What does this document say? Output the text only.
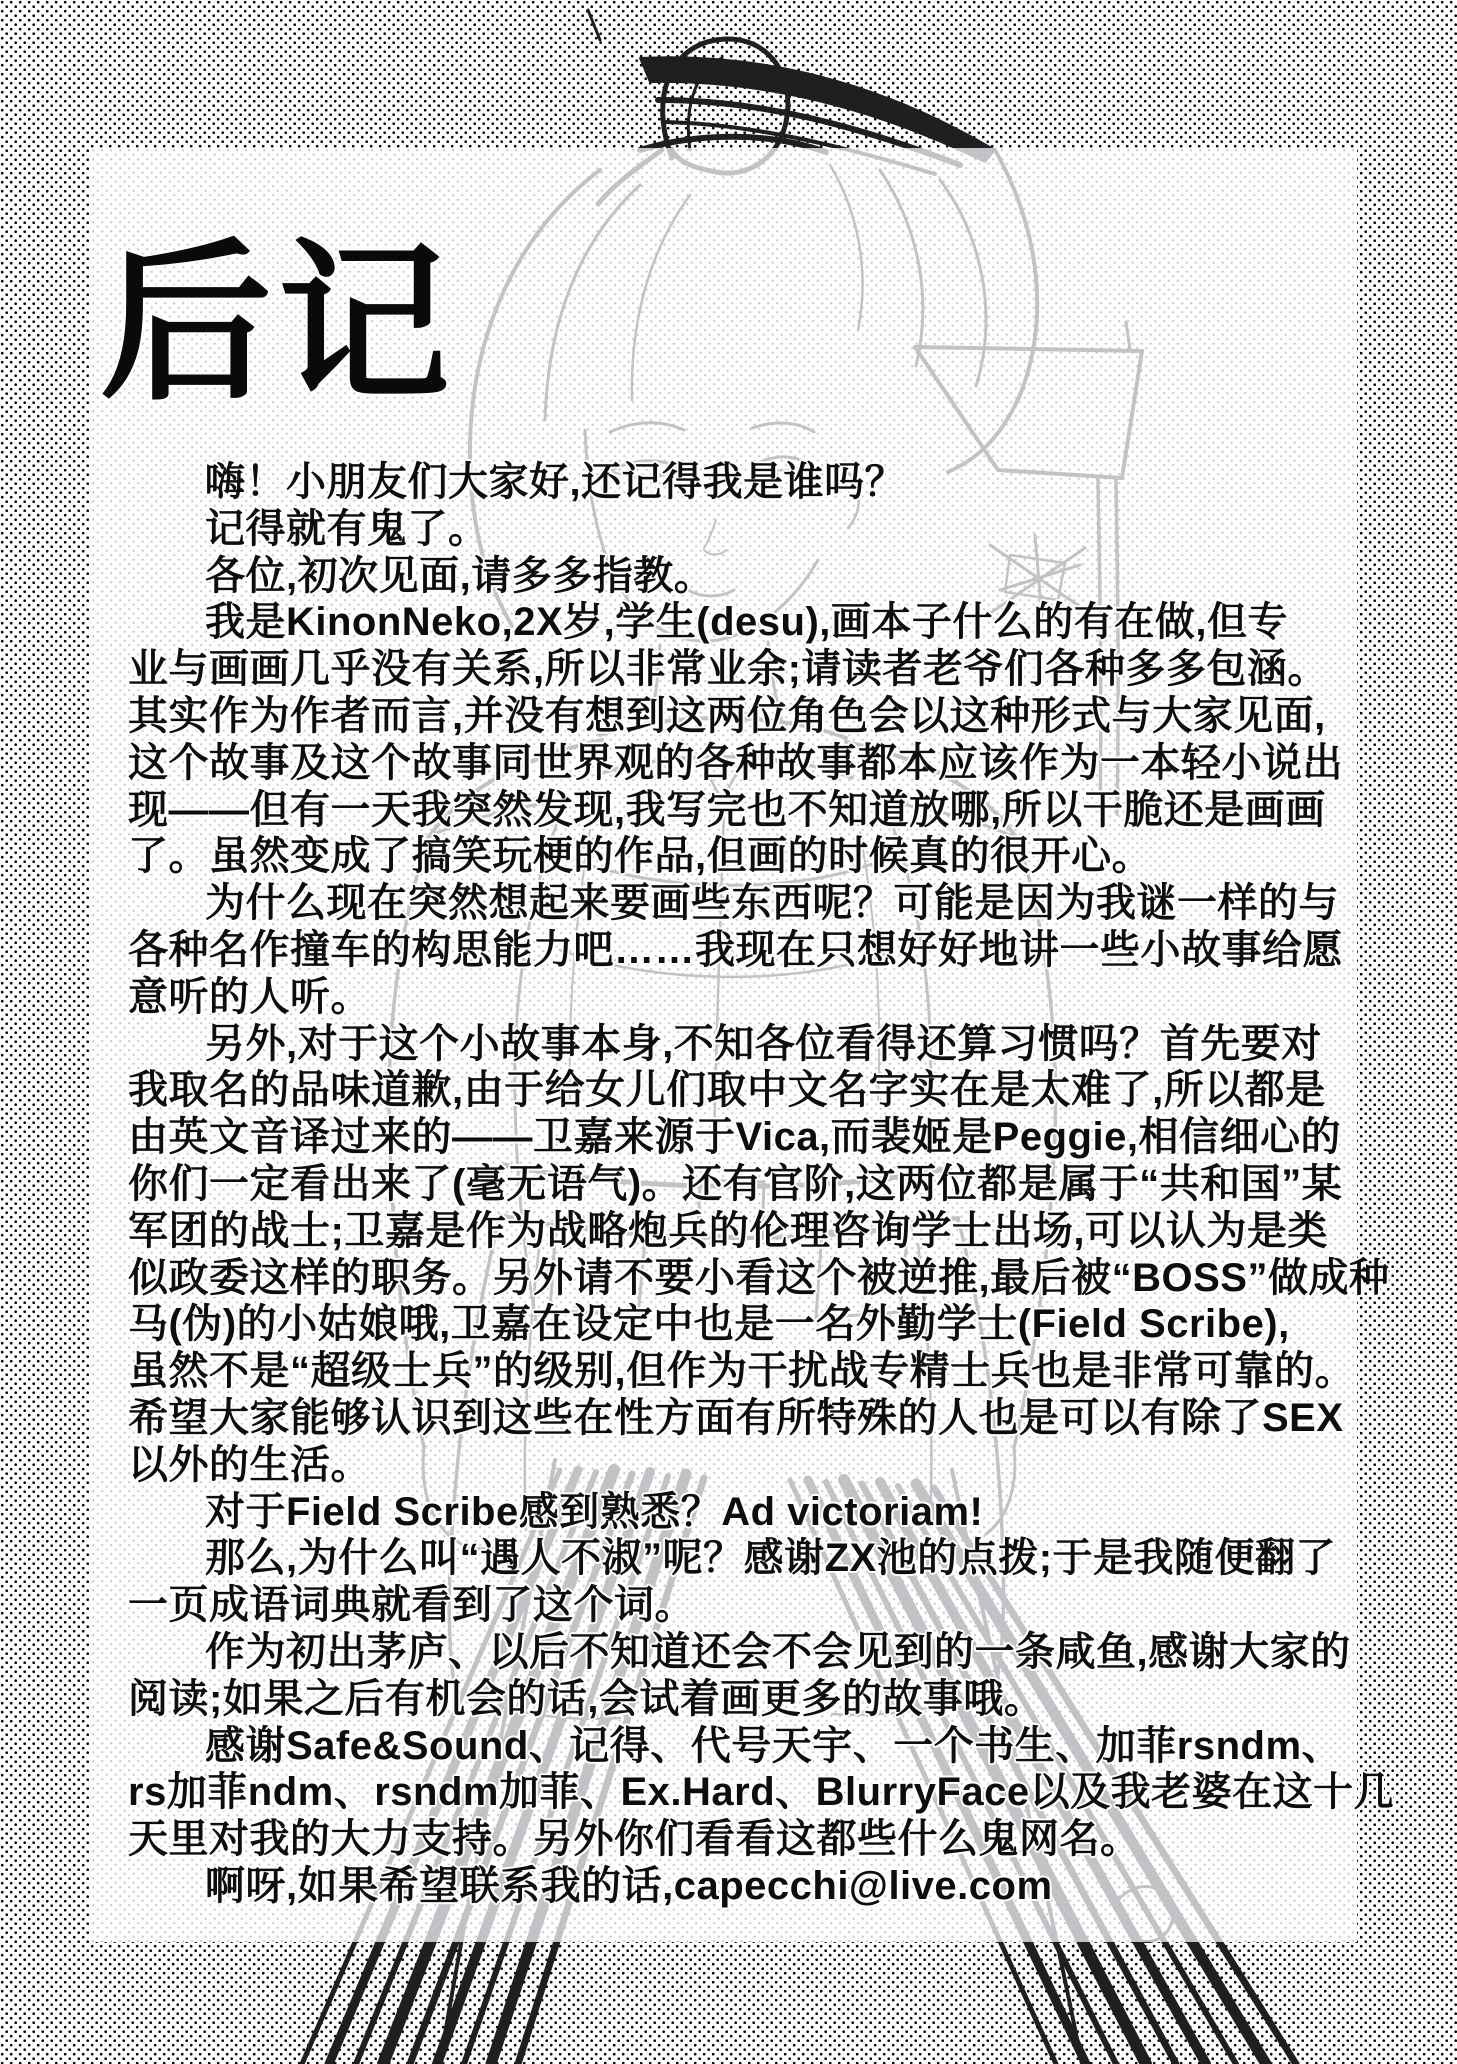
后记
嗨！小朋友们大家好,还记得我是谁吗？
记得就有鬼了。
各位,初次见面,请多多指教。
我是KinonNeko,2X岁,学生(desu),画本子什么的有在做,但专
业与画画几乎没有关系,所以非常业余;请读者老爷们各种多多包涵。
其实作为作者而言,并没有想到这两位角色会以这种形式与大家见面,
这个故事及这个故事同世界观的各种故事都本应该作为一本轻小说出
现——但有一天我突然发现,我写完也不知道放哪,所以干脆还是画画
了。虽然变成了搞笑玩梗的作品,但画的时候真的很开心。
为什么现在突然想起来要画些东西呢？可能是因为我谜一样的与
各种名作撞车的构思能力吧……我现在只想好好地讲一些小故事给愿
意听的人听。
另外,对于这个小故事本身,不知各位看得还算习惯吗？首先要对
我取名的品味道歉,由于给女儿们取中文名字实在是太难了,所以都是
由英文音译过来的——卫嘉来源于Vica,而裴姬是Peggie,相信细心的
你们一定看出来了(毫无语气)。还有官阶,这两位都是属于“共和国”某
军团的战士;卫嘉是作为战略炮兵的伦理咨询学士出场,可以认为是类
似政委这样的职务。另外请不要小看这个被逆推,最后被“BOSS”做成种
马(伪)的小姑娘哦,卫嘉在设定中也是一名外勤学士(Field Scribe),
虽然不是“超级士兵”的级别,但作为干扰战专精士兵也是非常可靠的。
希望大家能够认识到这些在性方面有所特殊的人也是可以有除了SEX
以外的生活。
对于Field Scribe感到熟悉？Ad victoriam!
那么,为什么叫“遇人不淑”呢？感谢ZX池的点拨;于是我随便翻了
一页成语词典就看到了这个词。
作为初出茅庐、以后不知道还会不会见到的一条咸鱼,感谢大家的
阅读;如果之后有机会的话,会试着画更多的故事哦。
感谢Safe&Sound、记得、代号天宇、一个书生、加菲rsndm、
rs加菲ndm、rsndm加菲、Ex.Hard、BlurryFace以及我老婆在这十几
天里对我的大力支持。另外你们看看这都些什么鬼网名。
啊呀,如果希望联系我的话,capecchi@live.com
